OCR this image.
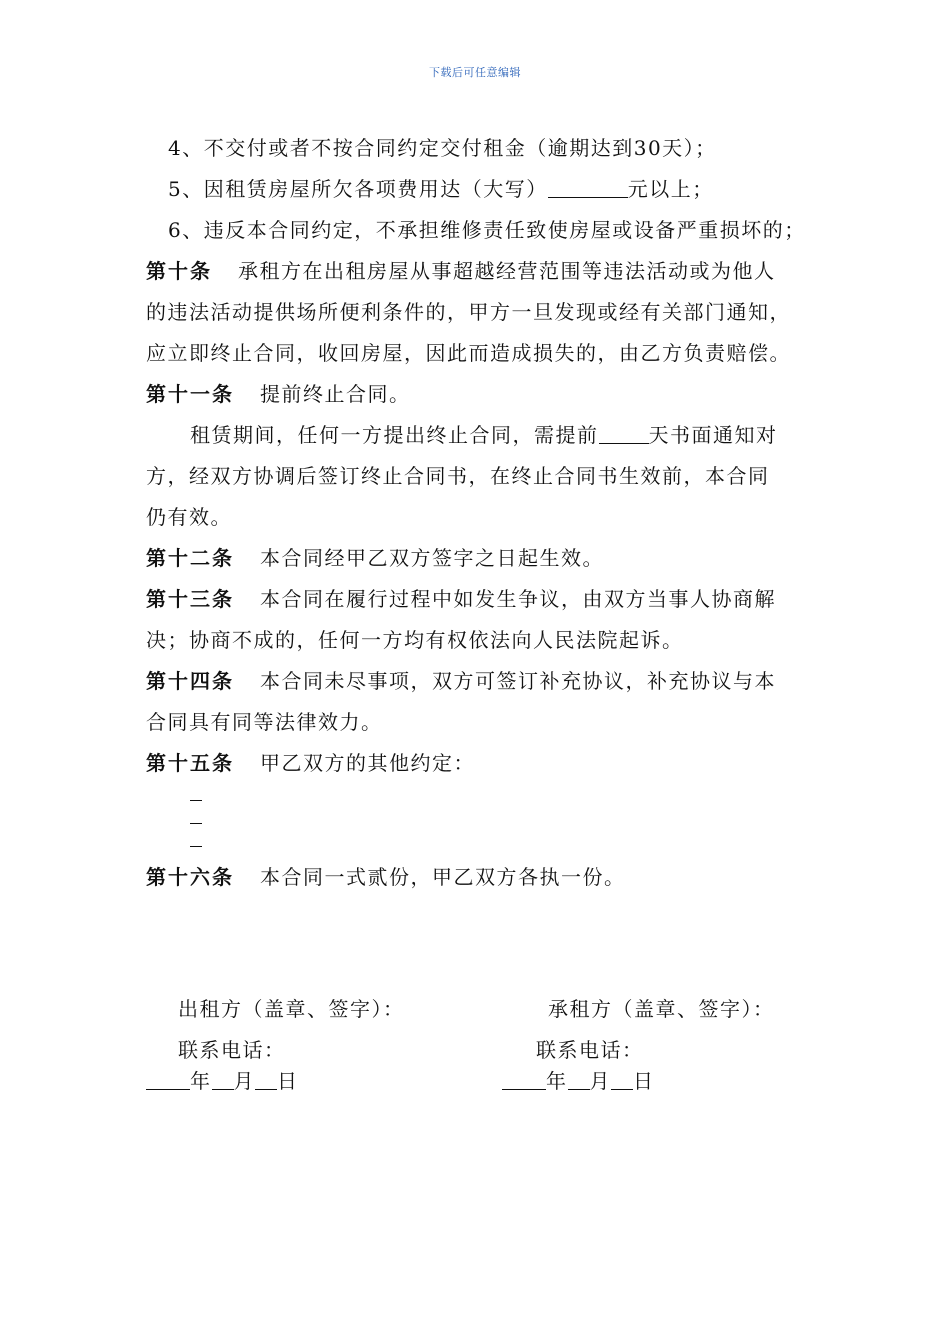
下载后可任意编辑
4、不交付或者不按合同约定交付租金（逾期达到30天）；
5、因租赁房屋所欠各项费用达（大写）	元以上；
6、违反本合同约定，不承担维修责任致使房屋或设备严重损坏的；
第十条 承租方在出租房屋从事超越经营范围等违法活动或为他人
的违法活动提供场所便利条件的，甲方一旦发现或经有关部门通知，
应立即终止合同，收回房屋，因此而造成损失的，由乙方负责赔偿。
第十一条 提前终止合同。
租赁期间，任何一方提出终止合同，需提前	天书面通知对
方，经双方协调后签订终止合同书，在终止合同书生效前，本合同
仍有效。
第十二条 本合同经甲乙双方签字之日起生效。
第十三条 本合同在履行过程中如发生争议，由双方当事人协商解
决；协商不成的，任何一方均有权依法向人民法院起诉。
第十四条 本合同未尽事项，双方可签订补充协议，补充协议与本
合同具有同等法律效力。
第十五条 甲乙双方的其他约定：
第十六条 本合同一式贰份，甲乙双方各执一份。
出租方（盖章、签字）：	承租方（盖章、签字）：
联系电话：	联系电话：
年 月 日	年 月 日
